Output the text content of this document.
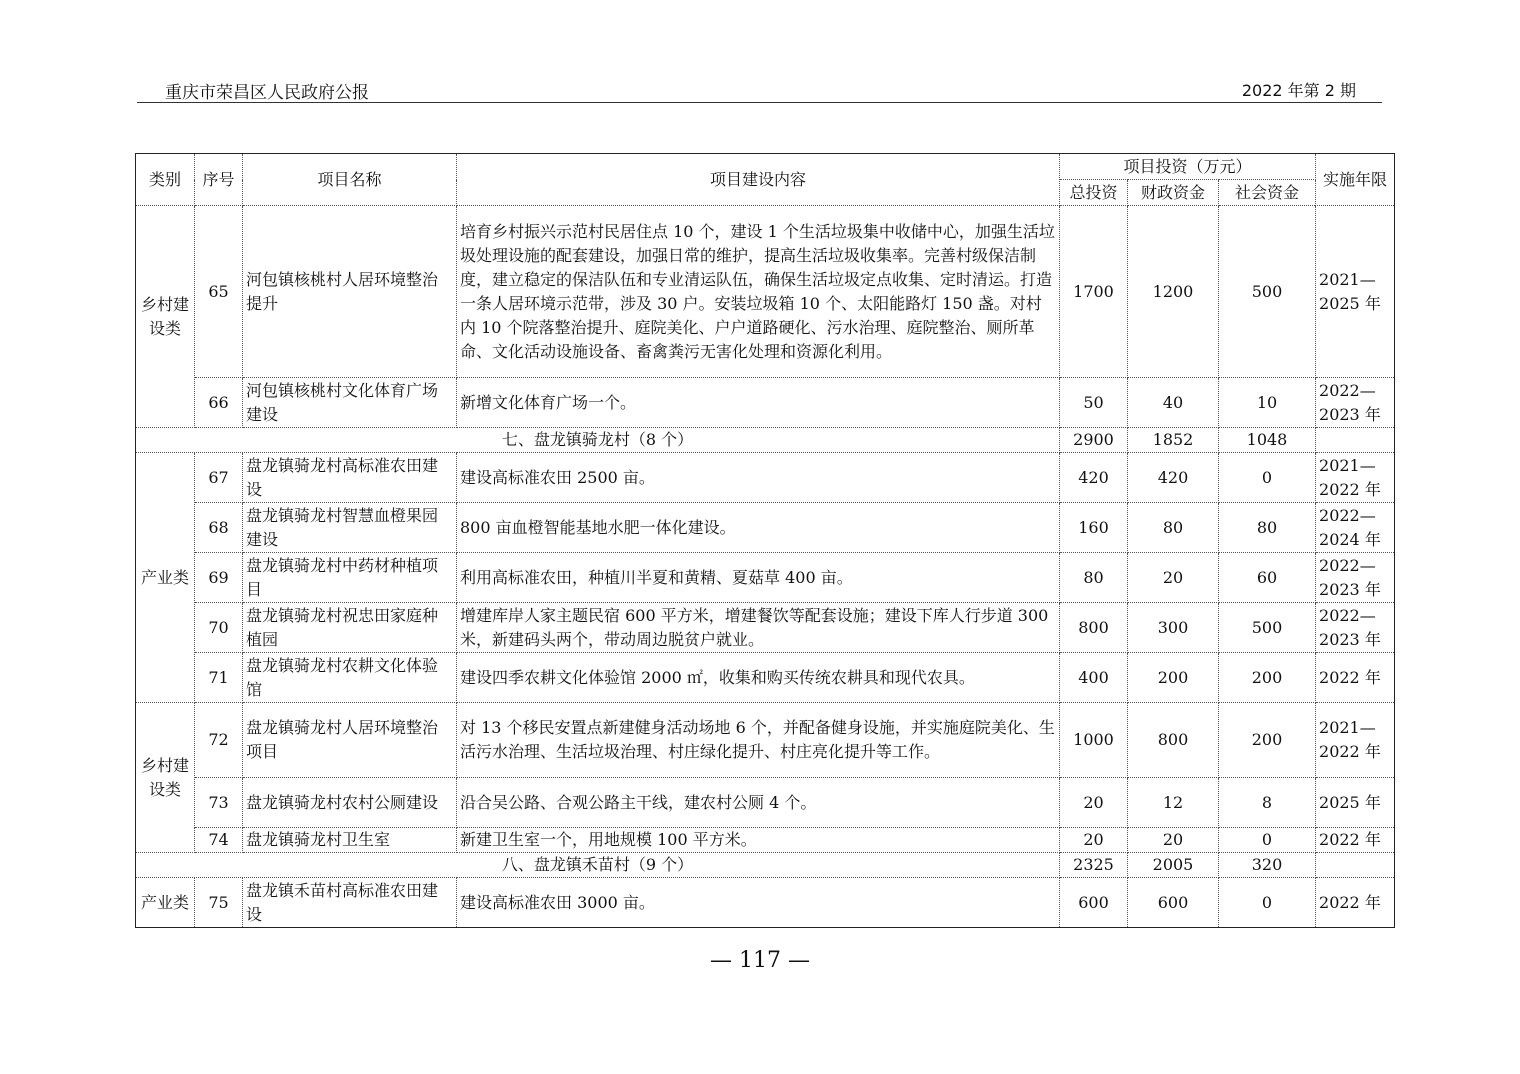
重庆市荣昌区人民政府公报	2022 年第 2 期
类别	序号	项目名称	项目建设内容	项目投资（万元）			实施年限
				总投资	财政资金	社会资金	
乡村建设类	65	河包镇核桃村人居环境整治提升	培育乡村振兴示范村民居住点 10 个，建设 1 个生活垃圾集中收储中心，加强生活垃圾处理设施的配套建设，加强日常的维护，提高生活垃圾收集率。完善村级保洁制度，建立稳定的保洁队伍和专业清运队伍，确保生活垃圾定点收集、定时清运。打造一条人居环境示范带，涉及 30 户。安装垃圾箱 10 个、太阳能路灯 150 盏。对村内 10 个院落整治提升、庭院美化、户户道路硬化、污水治理、庭院整治、厕所革命、文化活动设施设备、畜禽粪污无害化处理和资源化利用。	1700	1200	500	2021—2025 年
	66	河包镇核桃村文化体育广场建设	新增文化体育广场一个。	50	40	10	2022—2023 年
七、盘龙镇骑龙村（8 个）				2900	1852	1048	
产业类	67	盘龙镇骑龙村高标准农田建设	建设高标准农田 2500 亩。	420	420	0	2021—2022 年
	68	盘龙镇骑龙村智慧血橙果园建设	800 亩血橙智能基地水肥一体化建设。	160	80	80	2022—2024 年
	69	盘龙镇骑龙村中药材种植项目	利用高标准农田，种植川半夏和黄精、夏菇草 400 亩。	80	20	60	2022—2023 年
	70	盘龙镇骑龙村祝忠田家庭种植园	增建库岸人家主题民宿 600 平方米，增建餐饮等配套设施；建设下库人行步道 300 米，新建码头两个，带动周边脱贫户就业。	800	300	500	2022—2023 年
	71	盘龙镇骑龙村农耕文化体验馆	建设四季农耕文化体验馆 2000 ㎡，收集和购买传统农耕具和现代农具。	400	200	200	2022 年
乡村建设类	72	盘龙镇骑龙村人居环境整治项目	对 13 个移民安置点新建健身活动场地 6 个，并配备健身设施，并实施庭院美化、生活污水治理、生活垃圾治理、村庄绿化提升、村庄亮化提升等工作。	1000	800	200	2021—2022 年
	73	盘龙镇骑龙村农村公厕建设	沿合吴公路、合观公路主干线，建农村公厕 4 个。	20	12	8	2025 年
	74	盘龙镇骑龙村卫生室	新建卫生室一个，用地规模 100 平方米。	20	20	0	2022 年
八、盘龙镇禾苗村（9 个）				2325	2005	320	
产业类	75	盘龙镇禾苗村高标准农田建设	建设高标准农田 3000 亩。	600	600	0	2022 年
— 117 —
